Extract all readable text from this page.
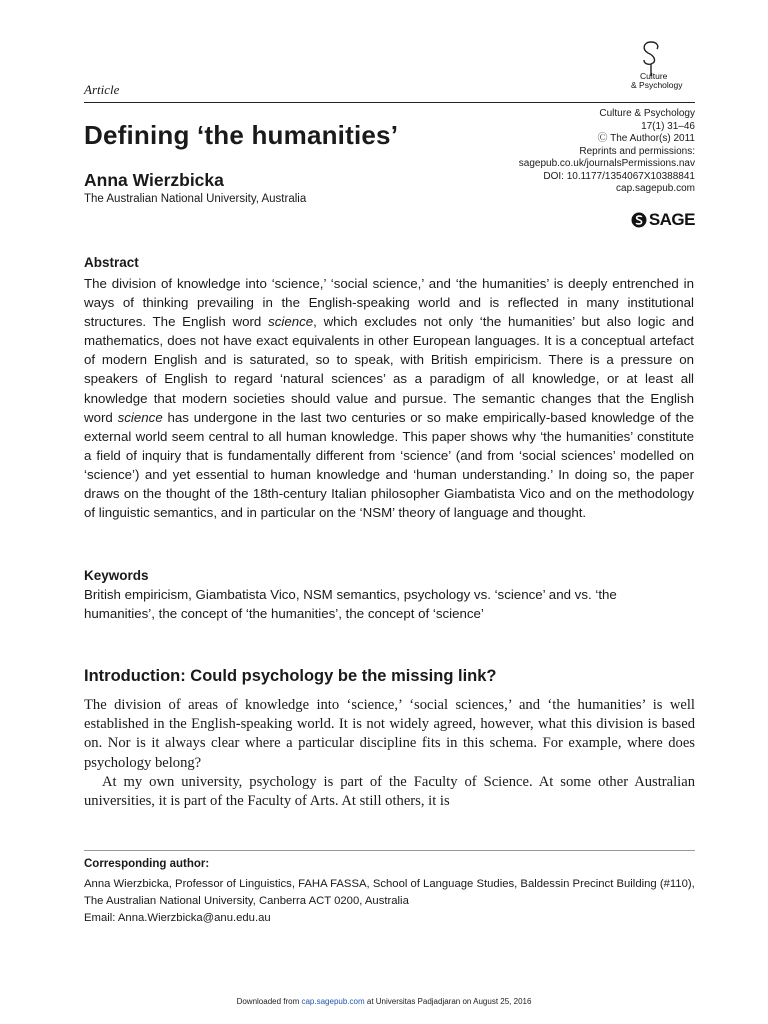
Culture
& Psychology
Article
Defining ‘the humanities’
Anna Wierzbicka
The Australian National University, Australia
Culture & Psychology
17(1) 31–46
Ⓒ The Author(s) 2011
Reprints and permissions:
sagepub.co.uk/journalsPermissions.nav
DOI: 10.1177/1354067X10388841
cap.sagepub.com
SAGE
Abstract
The division of knowledge into ‘science,’ ‘social science,’ and ‘the humanities’ is deeply entrenched in ways of thinking prevailing in the English-speaking world and is reflected in many institutional structures. The English word science, which excludes not only ‘the humanities’ but also logic and mathematics, does not have exact equivalents in other European languages. It is a conceptual artefact of modern English and is saturated, so to speak, with British empiricism. There is a pressure on speakers of English to regard ‘natural sciences’ as a paradigm of all knowledge, or at least all knowledge that modern societies should value and pursue. The semantic changes that the English word science has undergone in the last two centuries or so make empirically-based knowledge of the external world seem central to all human knowledge. This paper shows why ‘the humanities’ constitute a field of inquiry that is fundamentally different from ‘science’ (and from ‘social sciences’ modelled on ‘science’) and yet essential to human knowledge and ‘human understanding.’ In doing so, the paper draws on the thought of the 18th-century Italian philosopher Giambatista Vico and on the methodology of linguistic semantics, and in particular on the ‘NSM’ theory of language and thought.
Keywords
British empiricism, Giambatista Vico, NSM semantics, psychology vs. ‘science’ and vs. ‘the humanities’, the concept of ‘the humanities’, the concept of ‘science’
Introduction: Could psychology be the missing link?

The division of areas of knowledge into ‘science,’ ‘social sciences,’ and ‘the humanities’ is well established in the English-speaking world. It is not widely agreed, however, what this division is based on. Nor is it always clear where a particular discipline fits in this schema. For example, where does psychology belong?

At my own university, psychology is part of the Faculty of Science. At some other Australian universities, it is part of the Faculty of Arts. At still others, it is

Corresponding author:
Anna Wierzbicka, Professor of Linguistics, FAHA FASSA, School of Language Studies, Baldessin Precinct Building (#110), The Australian National University, Canberra ACT 0200, Australia
Email: Anna.Wierzbicka@anu.edu.au
Downloaded from cap.sagepub.com at Universitas Padjadjaran on August 25, 2016
